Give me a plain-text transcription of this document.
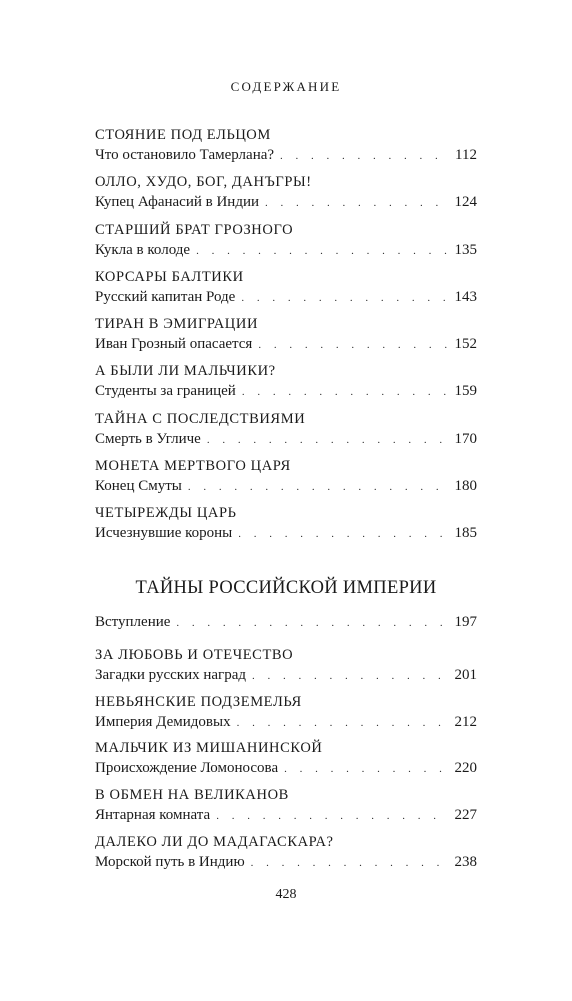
СОДЕРЖАНИЕ
СТОЯНИЕ ПОД ЕЛЬЦОМ
Что остановило Тамерлана? . . .	112
ОЛЛО, ХУДО, БОГ, ДАНЪГРЫ!
Купец Афанасий в Индии . . .	124
СТАРШИЙ БРАТ ГРОЗНОГО
Кукла в колоде . . .	135
КОРСАРЫ БАЛТИКИ
Русский капитан Роде . . .	143
ТИРАН В ЭМИГРАЦИИ
Иван Грозный опасается . . .	152
А БЫЛИ ЛИ МАЛЬЧИКИ?
Студенты за границей . . .	159
ТАЙНА С ПОСЛЕДСТВИЯМИ
Смерть в Угличе . . .	170
МОНЕТА МЕРТВОГО ЦАРЯ
Конец Смуты . . .	180
ЧЕТЫРЕЖДЫ ЦАРЬ
Исчезнувшие короны . . .	185
ТАЙНЫ РОССИЙСКОЙ ИМПЕРИИ
Вступление . . .	197
ЗА ЛЮБОВЬ И ОТЕЧЕСТВО
Загадки русских наград . . .	201
НЕВЬЯНСКИЕ ПОДЗЕМЕЛЬЯ
Империя Демидовых . . .	212
МАЛЬЧИК ИЗ МИШАНИНСКОЙ
Происхождение Ломоносова . . .	220
В ОБМЕН НА ВЕЛИКАНОВ
Янтарная комната . . .	227
ДАЛЕКО ЛИ ДО МАДАГАСКАРА?
Морской путь в Индию . . .	238
428
